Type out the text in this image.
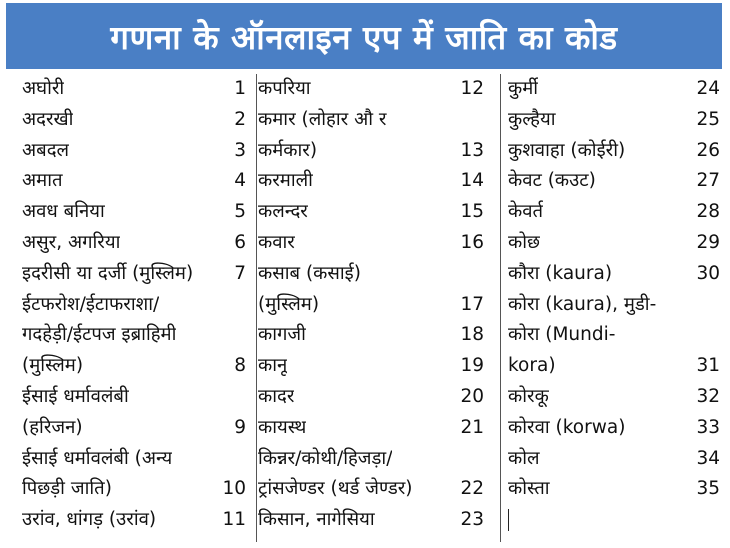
गणना के ऑनलाइन एप में जाति का कोड
अघोरी	1
अदरखी	2
अबदल	3
अमात	4
अवध बनिया	5
असुर, अगरिया	6
इदरीसी या दर्जी (मुस्लिम) 7
ईटफरोश/ईटाफराशा/
गदहेड़ी/ईटपज इब्राहिमी
(मुस्लिम)	8
ईसाई धर्मावलंबी
(हरिजन)	9
ईसाई धर्मावलंबी (अन्य
पिछड़ी जाति)	10
उरांव, धांगड़ (उरांव)	11
कपरिया	12
कमार (लोहार औ र
कर्मकार)	13
करमाली	14
कलन्दर	15
कवार	16
कसाब (कसाई)
(मुस्लिम)	17
कागजी	18
कानू	19
कादर	20
कायस्थ	21
किन्नर/कोथी/हिजड़ा/
ट्रांसजेण्डर (थर्ड जेण्डर)	22
किसान, नागेसिया	23
कुर्मी	24
कुल्हैया	25
कुशवाहा (कोईरी)	26
केवट (कउट)	27
केवर्त	28
कोछ	29
कौरा (kaura)	30
कोरा (kaura), मुडी-
कोरा (Mundi-
kora)	31
कोरकू	32
कोरवा (korwa)	33
कोल	34
कोस्ता	35
